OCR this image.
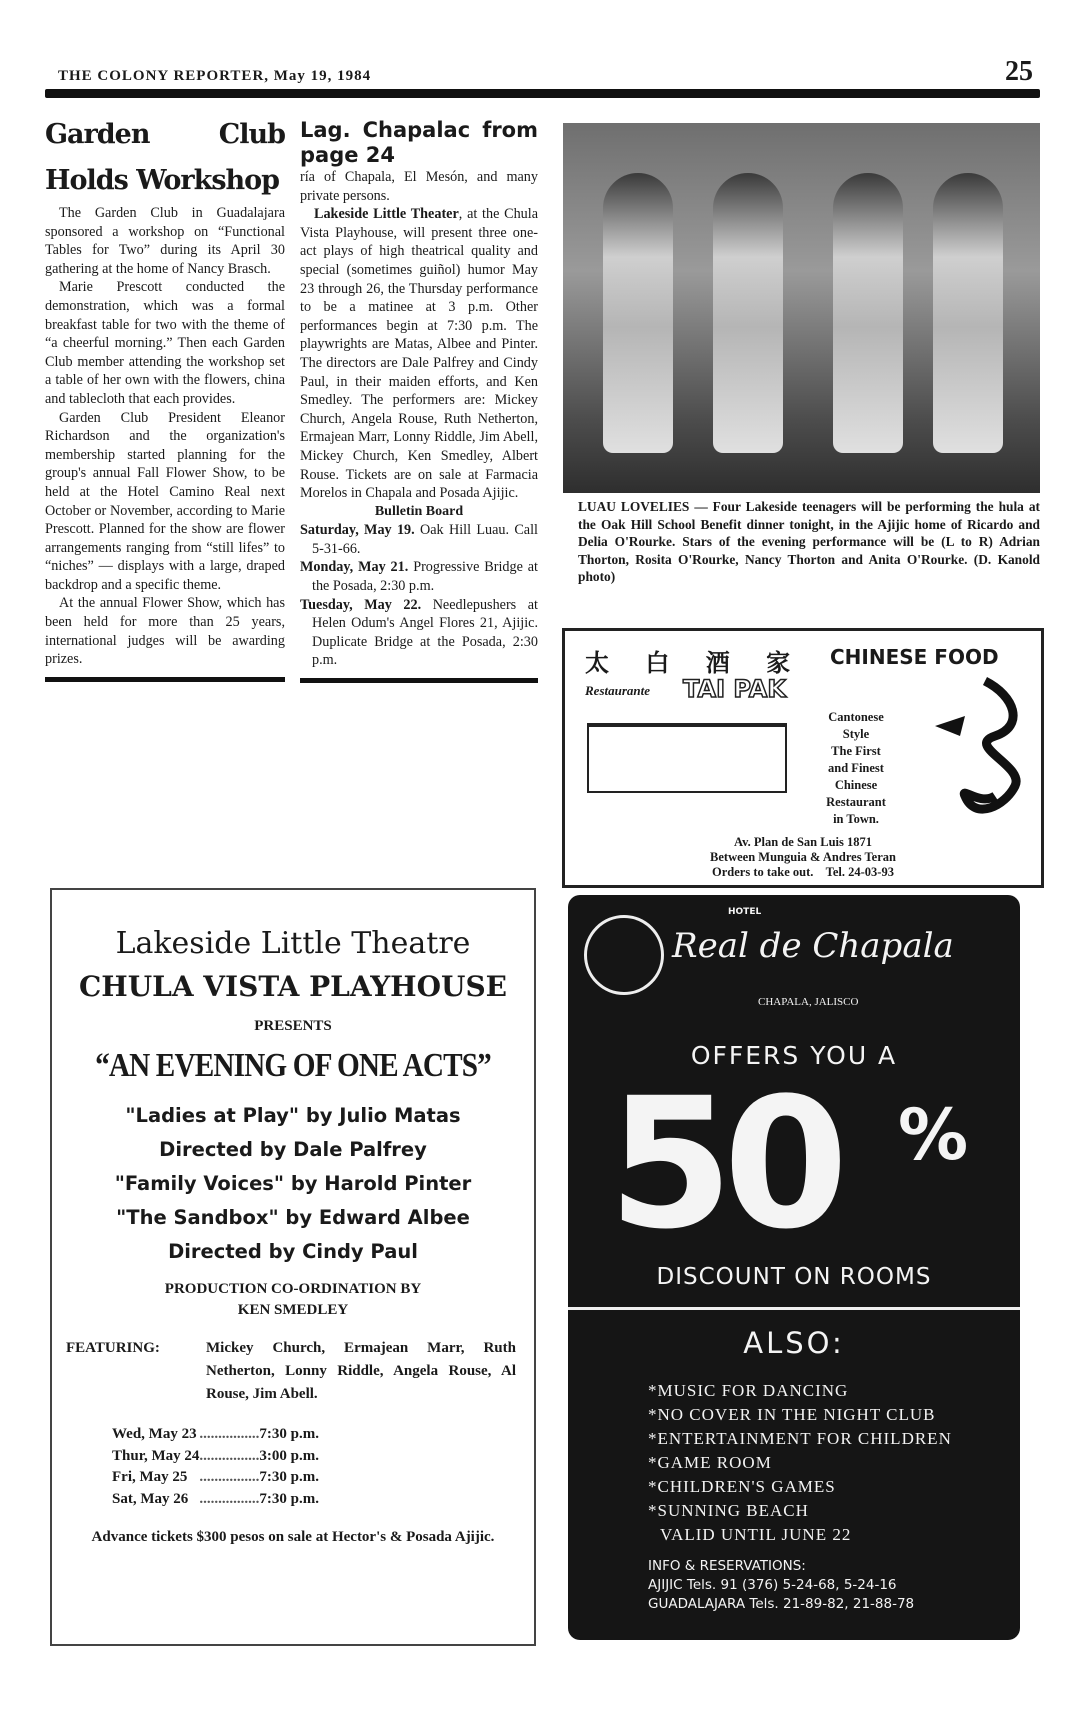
THE COLONY REPORTER, May 19, 1984	25
Garden Club Holds Workshop

The Garden Club in Guadalajara sponsored a workshop on “Functional Tables for Two” during its April 30 gathering at the home of Nancy Brasch.

Marie Prescott conducted the demonstration, which was a formal breakfast table for two with the theme of “a cheerful morning.” Then each Garden Club member attending the workshop set a table of her own with the flowers, china and tablecloth that each provides.

Garden Club President Eleanor Richardson and the organization's membership started planning for the group's annual Fall Flower Show, to be held at the Hotel Camino Real next October or November, according to Marie Prescott. Planned for the show are flower arrangements ranging from “still lifes” to “niches” — displays with a large, draped backdrop and a specific theme.

At the annual Flower Show, which has been held for more than 25 years, international judges will be awarding prizes.

Lag. Chapalac from page 24
ría of Chapala, El Mesón, and many private persons.

Lakeside Little Theater, at the Chula Vista Playhouse, will present three one-act plays of high theatrical quality and special (sometimes guiñol) humor May 23 through 26, the Thursday performance to be a matinee at 3 p.m. Other performances begin at 7:30 p.m. The playwrights are Matas, Albee and Pinter. The directors are Dale Palfrey and Cindy Paul, in their maiden efforts, and Ken Smedley. The performers are: Mickey Church, Angela Rouse, Ruth Netherton, Ermajean Marr, Lonny Riddle, Jim Abell, Mickey Church, Ken Smedley, Albert Rouse. Tickets are on sale at Farmacia Morelos in Chapala and Posada Ajijic.

Bulletin Board

Saturday, May 19. Oak Hill Luau. Call 5-31-66.

Monday, May 21. Progressive Bridge at the Posada, 2:30 p.m.

Tuesday, May 22. Needlepushers at Helen Odum's Angel Flores 21, Ajijic. Duplicate Bridge at the Posada, 2:30 p.m.

LUAU LOVELIES — Four Lakeside teenagers will be performing the hula at the Oak Hill School Benefit dinner tonight, in the Ajijic home of Ricardo and Delia O'Rourke. Stars of the evening performance will be (L to R) Adrian Thorton, Rosita O'Rourke, Nancy Thorton and Anita O'Rourke. (D. Kanold photo)
太 白 酒 家
Restaurante TAI PAK
CHINESE FOOD
Cantonese
Style
The First
and Finest
Chinese
Restaurant
in Town.
Av. Plan de San Luis 1871
Between Munguia & Andres Teran
Orders to take out.    Tel. 24-03-93
Lakeside Little Theatre
CHULA VISTA PLAYHOUSE
PRESENTS
“AN EVENING OF ONE ACTS”
"Ladies at Play" by Julio Matas
Directed by Dale Palfrey
"Family Voices" by Harold Pinter
"The Sandbox" by Edward Albee
Directed by Cindy Paul
PRODUCTION CO-ORDINATION BY
KEN SMEDLEY
FEATURING:	Mickey Church, Ermajean Marr, Ruth Netherton, Lonny Riddle, Angela Rouse, Al Rouse, Jim Abell.
Wed, May 23	................	7:30 p.m.
Thur, May 24	................	3:00 p.m.
Fri, May 25	................	7:30 p.m.
Sat, May 26	................	7:30 p.m.
Advance tickets $300 pesos on sale at Hector's & Posada Ajijic.
HOTEL
Real de Chapala
CHAPALA, JALISCO
OFFERS YOU A
50 %
DISCOUNT ON ROOMS
ALSO:
*MUSIC FOR DANCING
*NO COVER IN THE NIGHT CLUB
*ENTERTAINMENT FOR CHILDREN
*GAME ROOM
*CHILDREN'S GAMES
*SUNNING BEACH
VALID UNTIL JUNE 22
INFO & RESERVATIONS:
AJIJIC Tels. 91 (376) 5-24-68, 5-24-16
GUADALAJARA Tels. 21-89-82, 21-88-78
